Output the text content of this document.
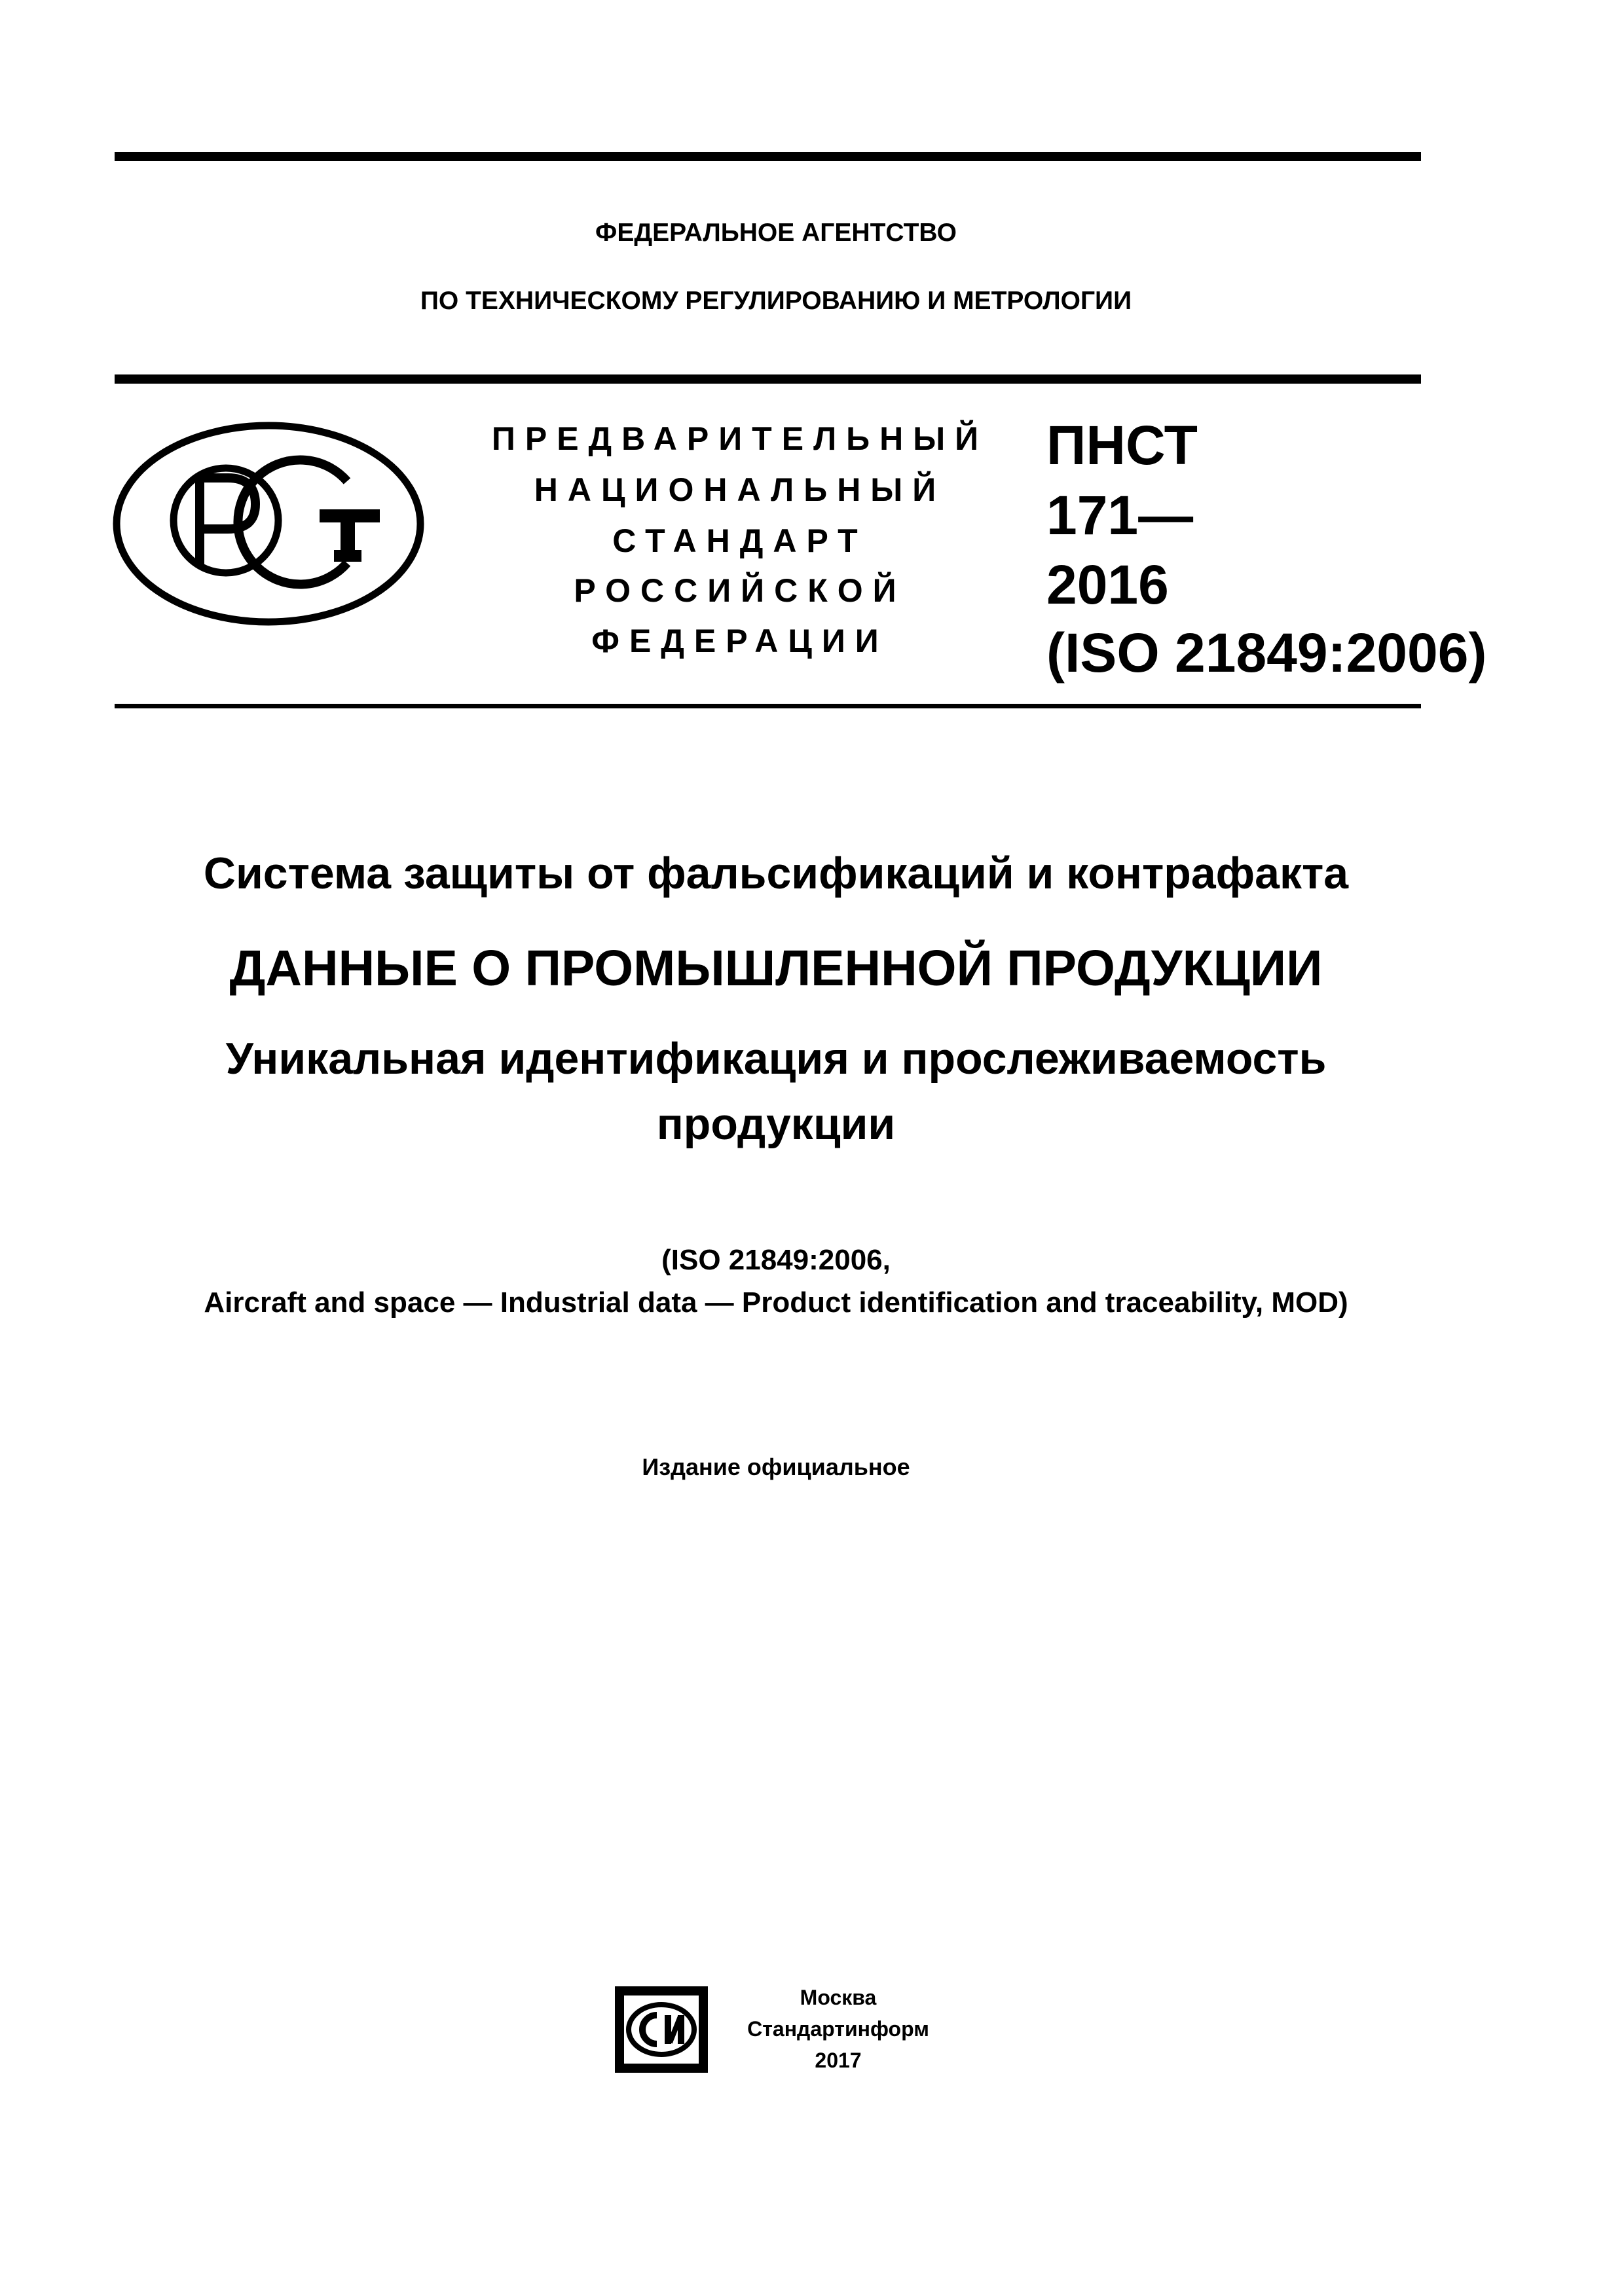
ФЕДЕРАЛЬНОЕ АГЕНТСТВО
ПО ТЕХНИЧЕСКОМУ РЕГУЛИРОВАНИЮ И МЕТРОЛОГИИ
ПРЕДВАРИТЕЛЬНЫЙ
НАЦИОНАЛЬНЫЙ
СТАНДАРТ
РОССИЙСКОЙ
ФЕДЕРАЦИИ
ПНСТ
171—
2016
(ISO 21849:2006)
Система защиты от фальсификаций и контрафакта
ДАННЫЕ О ПРОМЫШЛЕННОЙ ПРОДУКЦИИ
Уникальная идентификация и прослеживаемость
продукции
(ISO 21849:2006,
Aircraft and space — Industrial data — Product identification and traceability, MOD)
Издание официальное
Москва
Стандартинформ
2017
